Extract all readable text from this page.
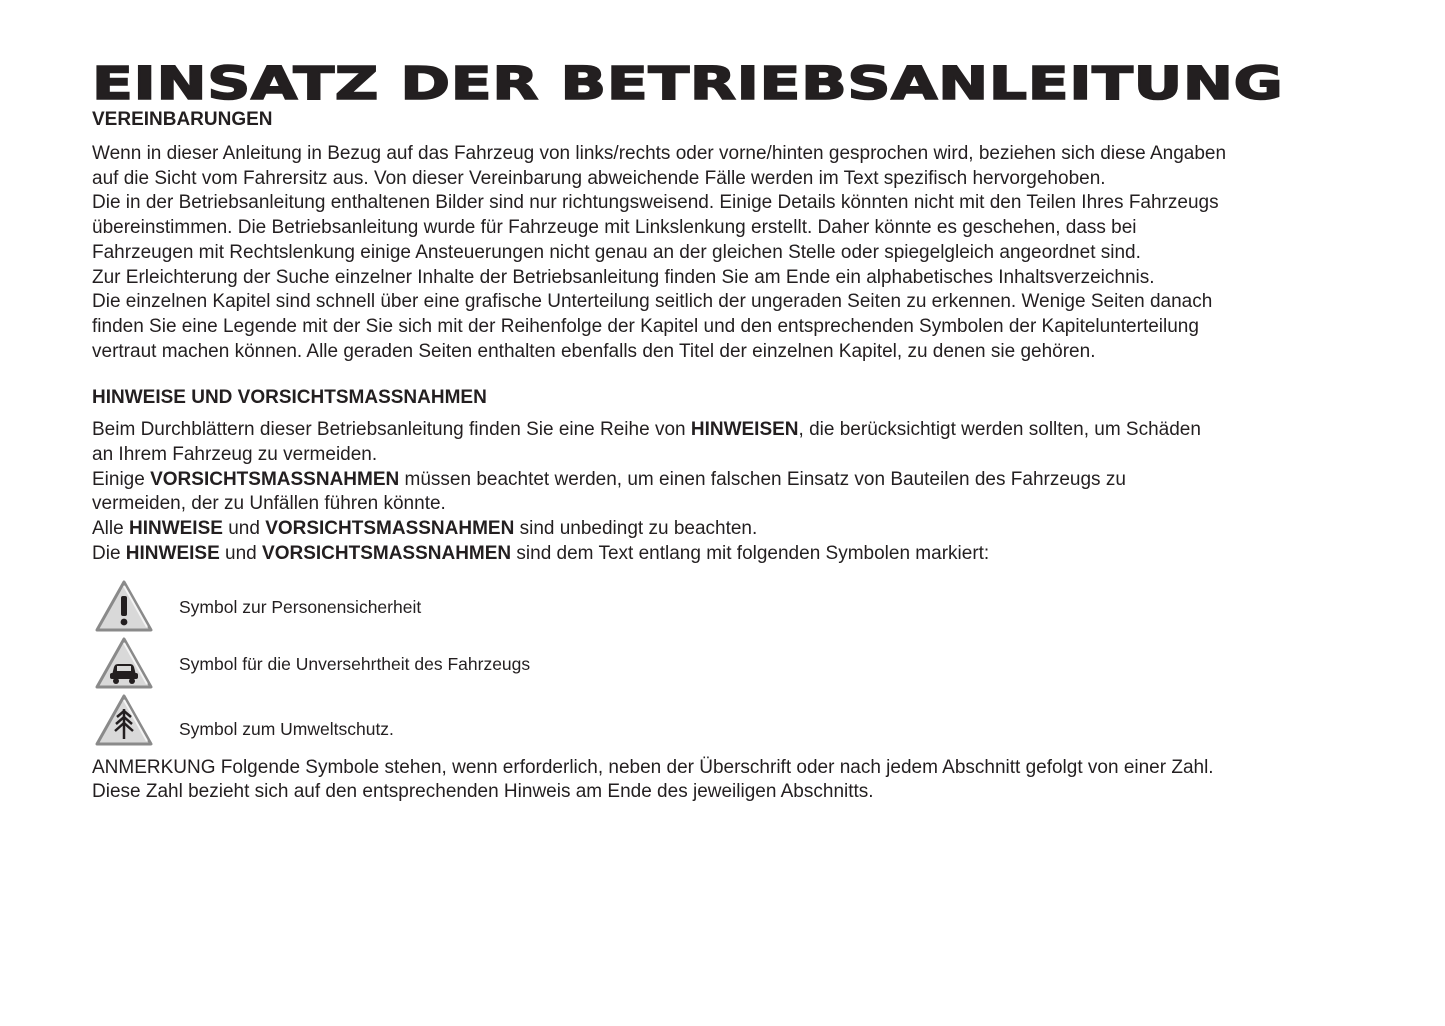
EINSATZ DER BETRIEBSANLEITUNG
VEREINBARUNGEN

Wenn in dieser Anleitung in Bezug auf das Fahrzeug von links/rechts oder vorne/hinten gesprochen wird, beziehen sich diese Angaben

auf die Sicht vom Fahrersitz aus. Von dieser Vereinbarung abweichende Fälle werden im Text spezifisch hervorgehoben.

Die in der Betriebsanleitung enthaltenen Bilder sind nur richtungsweisend. Einige Details könnten nicht mit den Teilen Ihres Fahrzeugs

übereinstimmen. Die Betriebsanleitung wurde für Fahrzeuge mit Linkslenkung erstellt. Daher könnte es geschehen, dass bei

Fahrzeugen mit Rechtslenkung einige Ansteuerungen nicht genau an der gleichen Stelle oder spiegelgleich angeordnet sind.

Zur Erleichterung der Suche einzelner Inhalte der Betriebsanleitung finden Sie am Ende ein alphabetisches Inhaltsverzeichnis.

Die einzelnen Kapitel sind schnell über eine grafische Unterteilung seitlich der ungeraden Seiten zu erkennen. Wenige Seiten danach

finden Sie eine Legende mit der Sie sich mit der Reihenfolge der Kapitel und den entsprechenden Symbolen der Kapitelunterteilung

vertraut machen können. Alle geraden Seiten enthalten ebenfalls den Titel der einzelnen Kapitel, zu denen sie gehören.

HINWEISE UND VORSICHTSMASSNAHMEN

Beim Durchblättern dieser Betriebsanleitung finden Sie eine Reihe von HINWEISEN, die berücksichtigt werden sollten, um Schäden

an Ihrem Fahrzeug zu vermeiden.

Einige VORSICHTSMASSNAHMEN müssen beachtet werden, um einen falschen Einsatz von Bauteilen des Fahrzeugs zu

vermeiden, der zu Unfällen führen könnte.

Alle HINWEISE und VORSICHTSMASSNAHMEN sind unbedingt zu beachten.

Die HINWEISE und VORSICHTSMASSNAHMEN sind dem Text entlang mit folgenden Symbolen markiert:

Symbol zur Personensicherheit
Symbol für die Unversehrtheit des Fahrzeugs
Symbol zum Umweltschutz.

ANMERKUNG Folgende Symbole stehen, wenn erforderlich, neben der Überschrift oder nach jedem Abschnitt gefolgt von einer Zahl.

Diese Zahl bezieht sich auf den entsprechenden Hinweis am Ende des jeweiligen Abschnitts.
